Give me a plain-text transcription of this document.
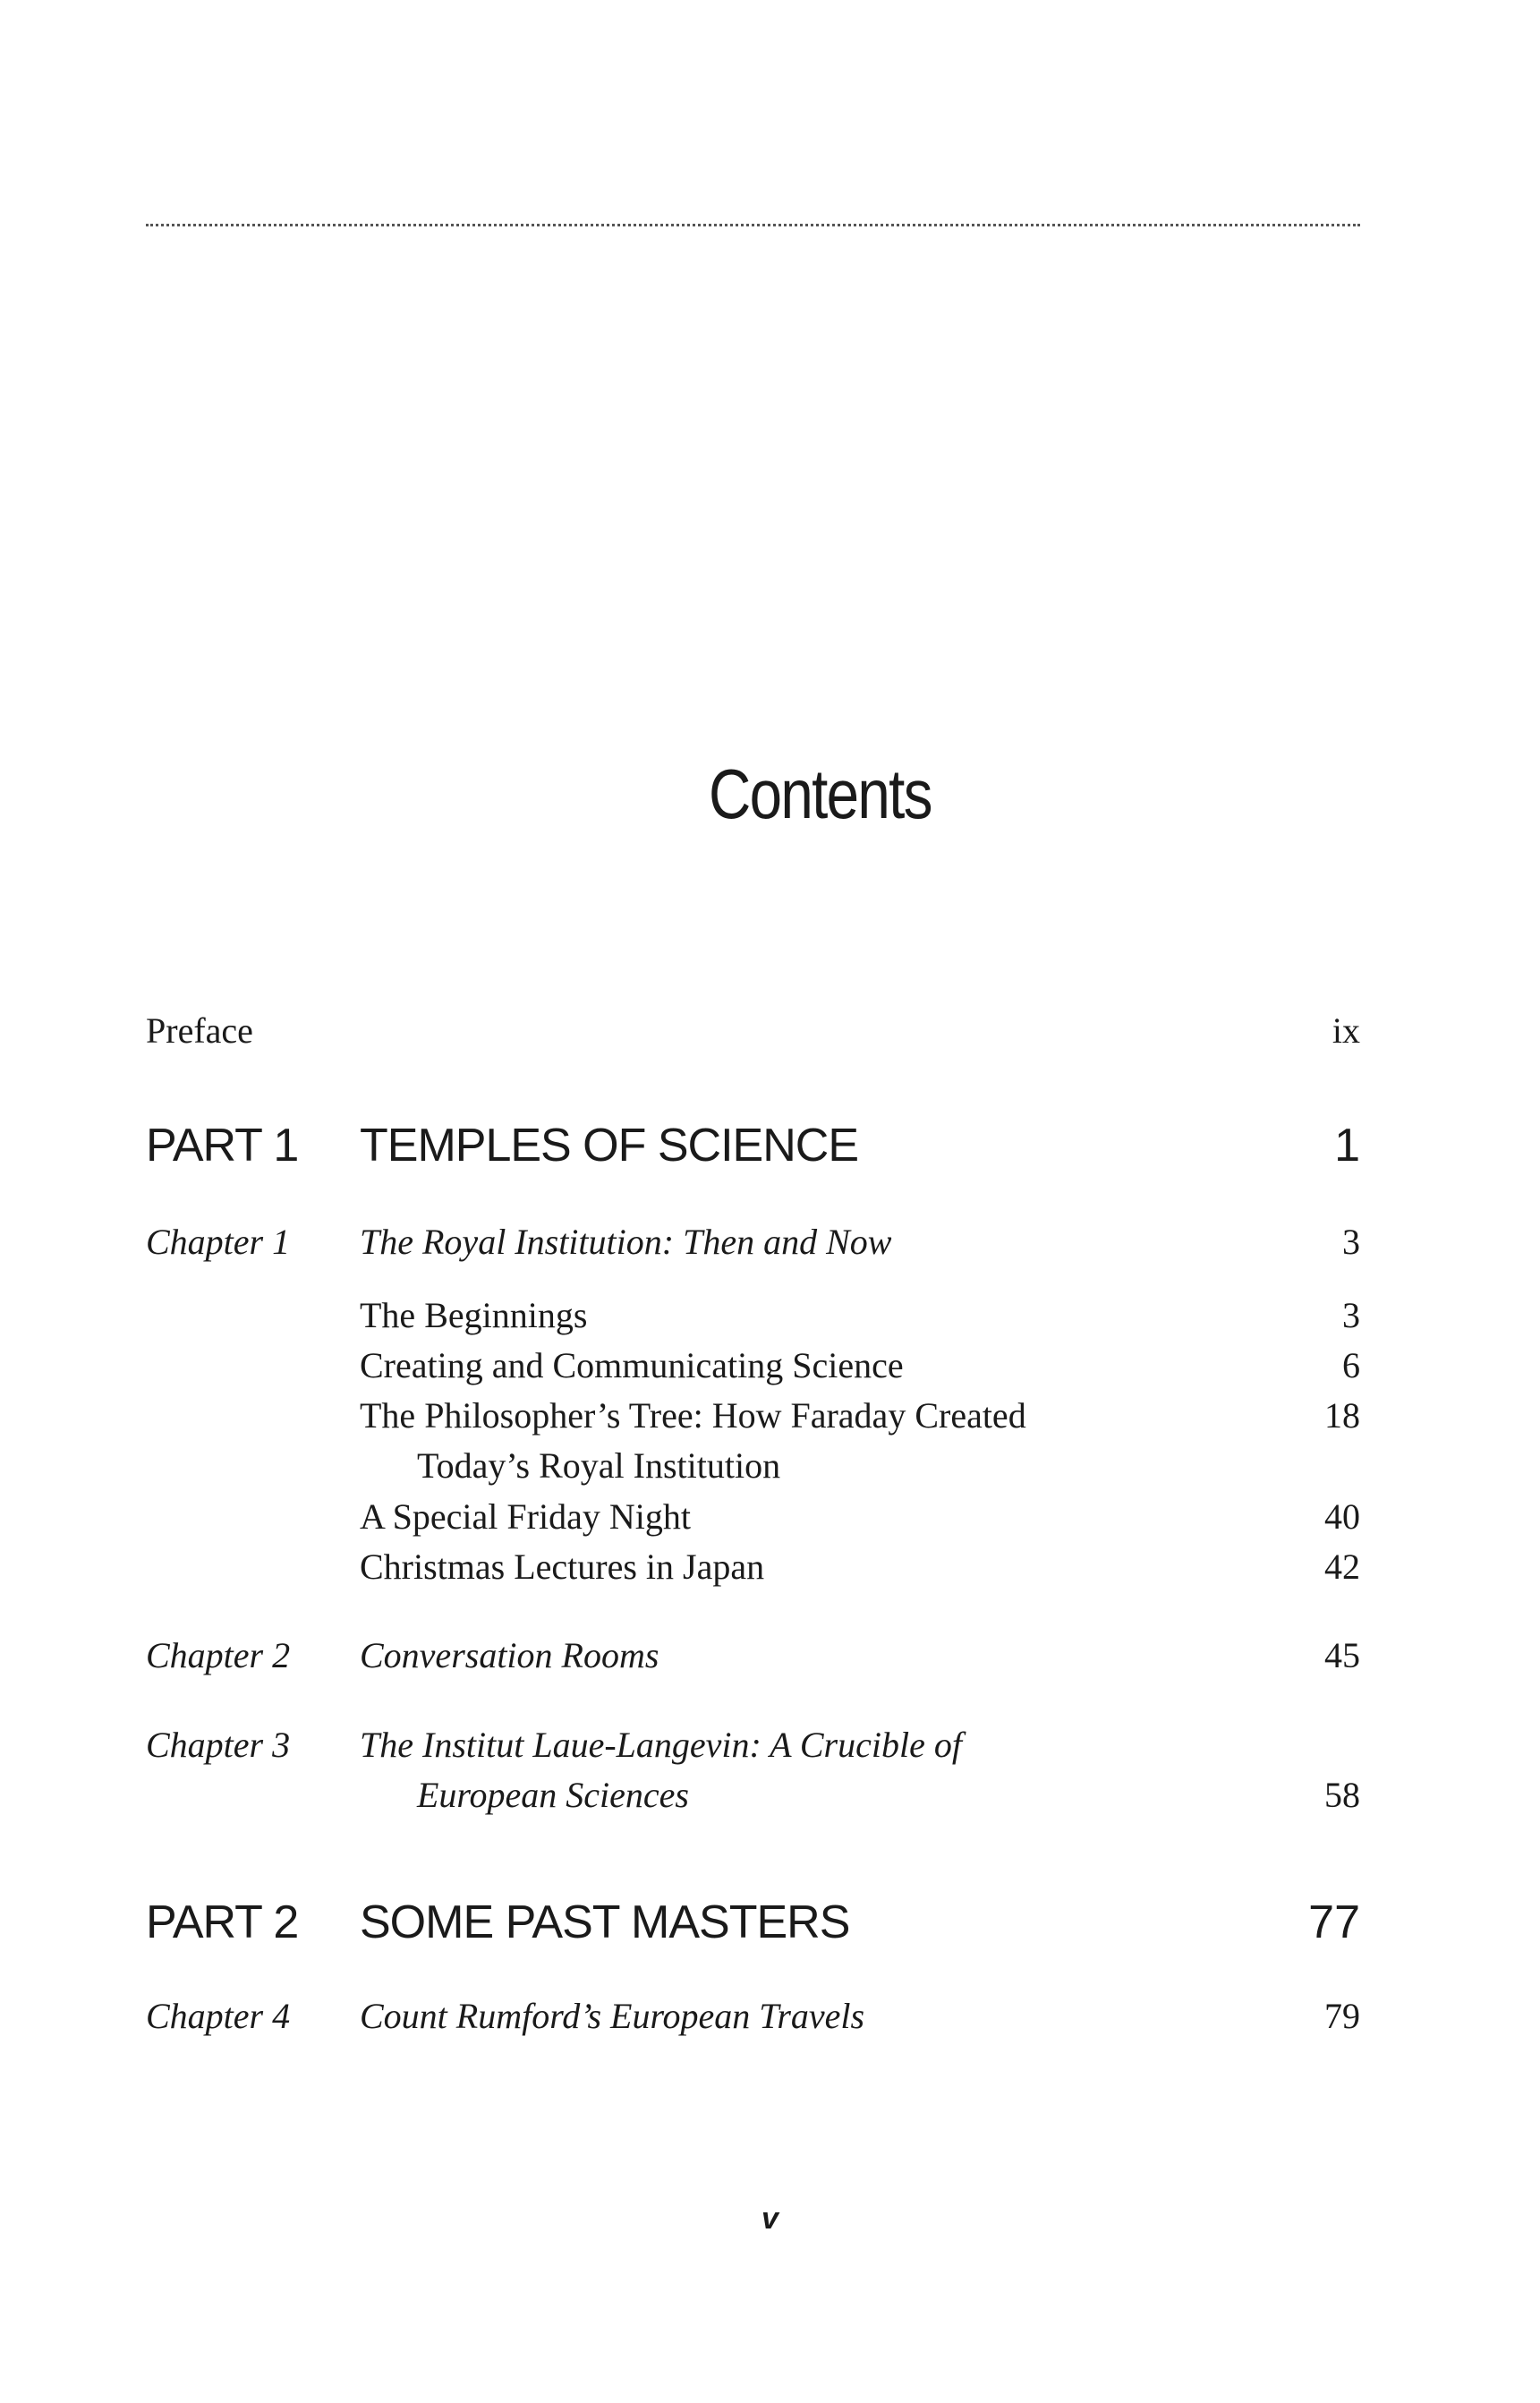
Contents
Preface	ix
PART 1 TEMPLES OF SCIENCE	1
Chapter 1 The Royal Institution: Then and Now	3
The Beginnings	3
Creating and Communicating Science	6
The Philosopher’s Tree: How Faraday Created	18
Today’s Royal Institution
A Special Friday Night	40
Christmas Lectures in Japan	42
Chapter 2 Conversation Rooms	45
Chapter 3 The Institut Laue-Langevin: A Crucible of
European Sciences	58
PART 2 SOME PAST MASTERS	77
Chapter 4 Count Rumford’s European Travels	79
v
